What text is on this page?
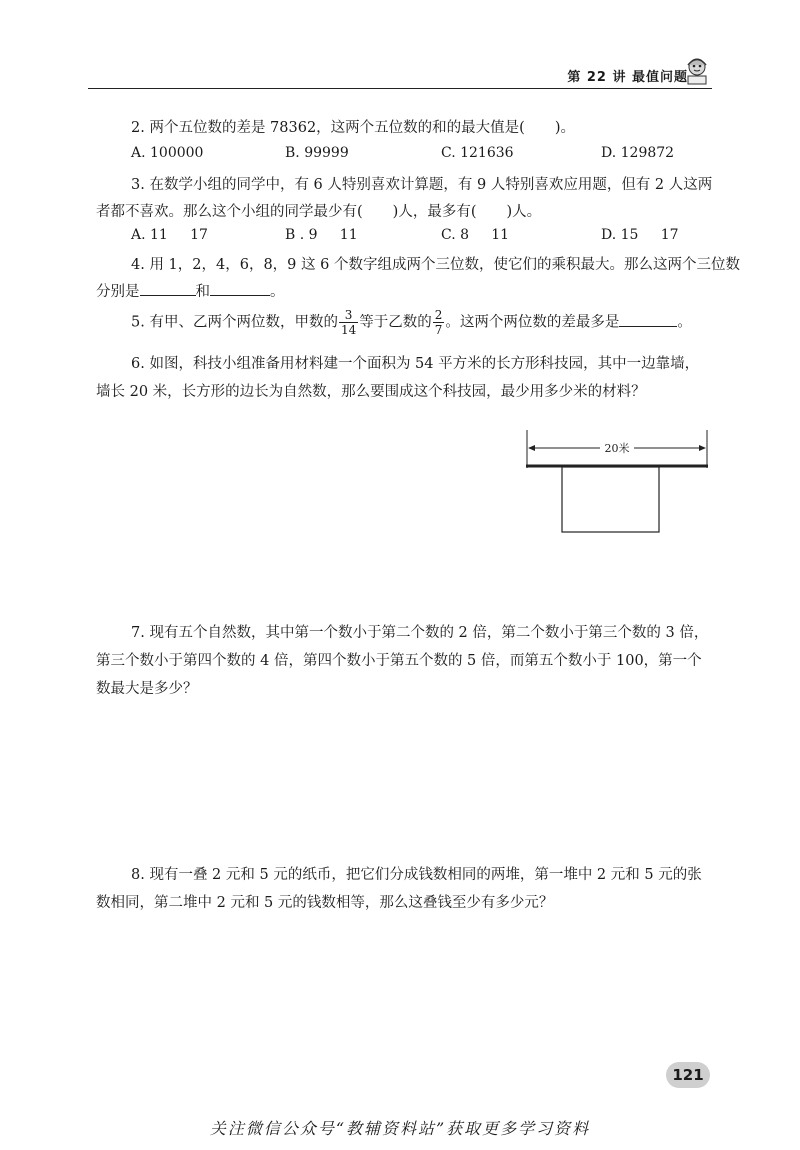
第 22 讲 最值问题
2. 两个五位数的差是 78362，这两个五位数的和的最大值是( )。
A. 100000	B. 99999	C. 121636	D. 129872
3. 在数学小组的同学中，有 6 人特别喜欢计算题，有 9 人特别喜欢应用题，但有 2 人这两
者都不喜欢。那么这个小组的同学最少有( )人，最多有( )人。
A. 11     17	B . 9     11	C. 8     11	D. 15     17
4. 用 1，2，4，6，8，9 这 6 个数字组成两个三位数，使它们的乘积最大。那么这两个三位数
分别是	和	。
5. 有甲、乙两个两位数，甲数的 $\frac{3}{14}$ 等于乙数的 $\frac{2}{7}$ 。这两个两位数的差最多是	。
6. 如图，科技小组准备用材料建一个面积为 54 平方米的长方形科技园，其中一边靠墙，
墙长 20 米，长方形的边长为自然数，那么要围成这个科技园，最少用多少米的材料？
20米
7. 现有五个自然数，其中第一个数小于第二个数的 2 倍，第二个数小于第三个数的 3 倍，
第三个数小于第四个数的 4 倍，第四个数小于第五个数的 5 倍，而第五个数小于 100，第一个
数最大是多少？
8. 现有一叠 2 元和 5 元的纸币，把它们分成钱数相同的两堆，第一堆中 2 元和 5 元的张
数相同，第二堆中 2 元和 5 元的钱数相等，那么这叠钱至少有多少元？
121
关注微信公众号“教辅资料站”获取更多学习资料
